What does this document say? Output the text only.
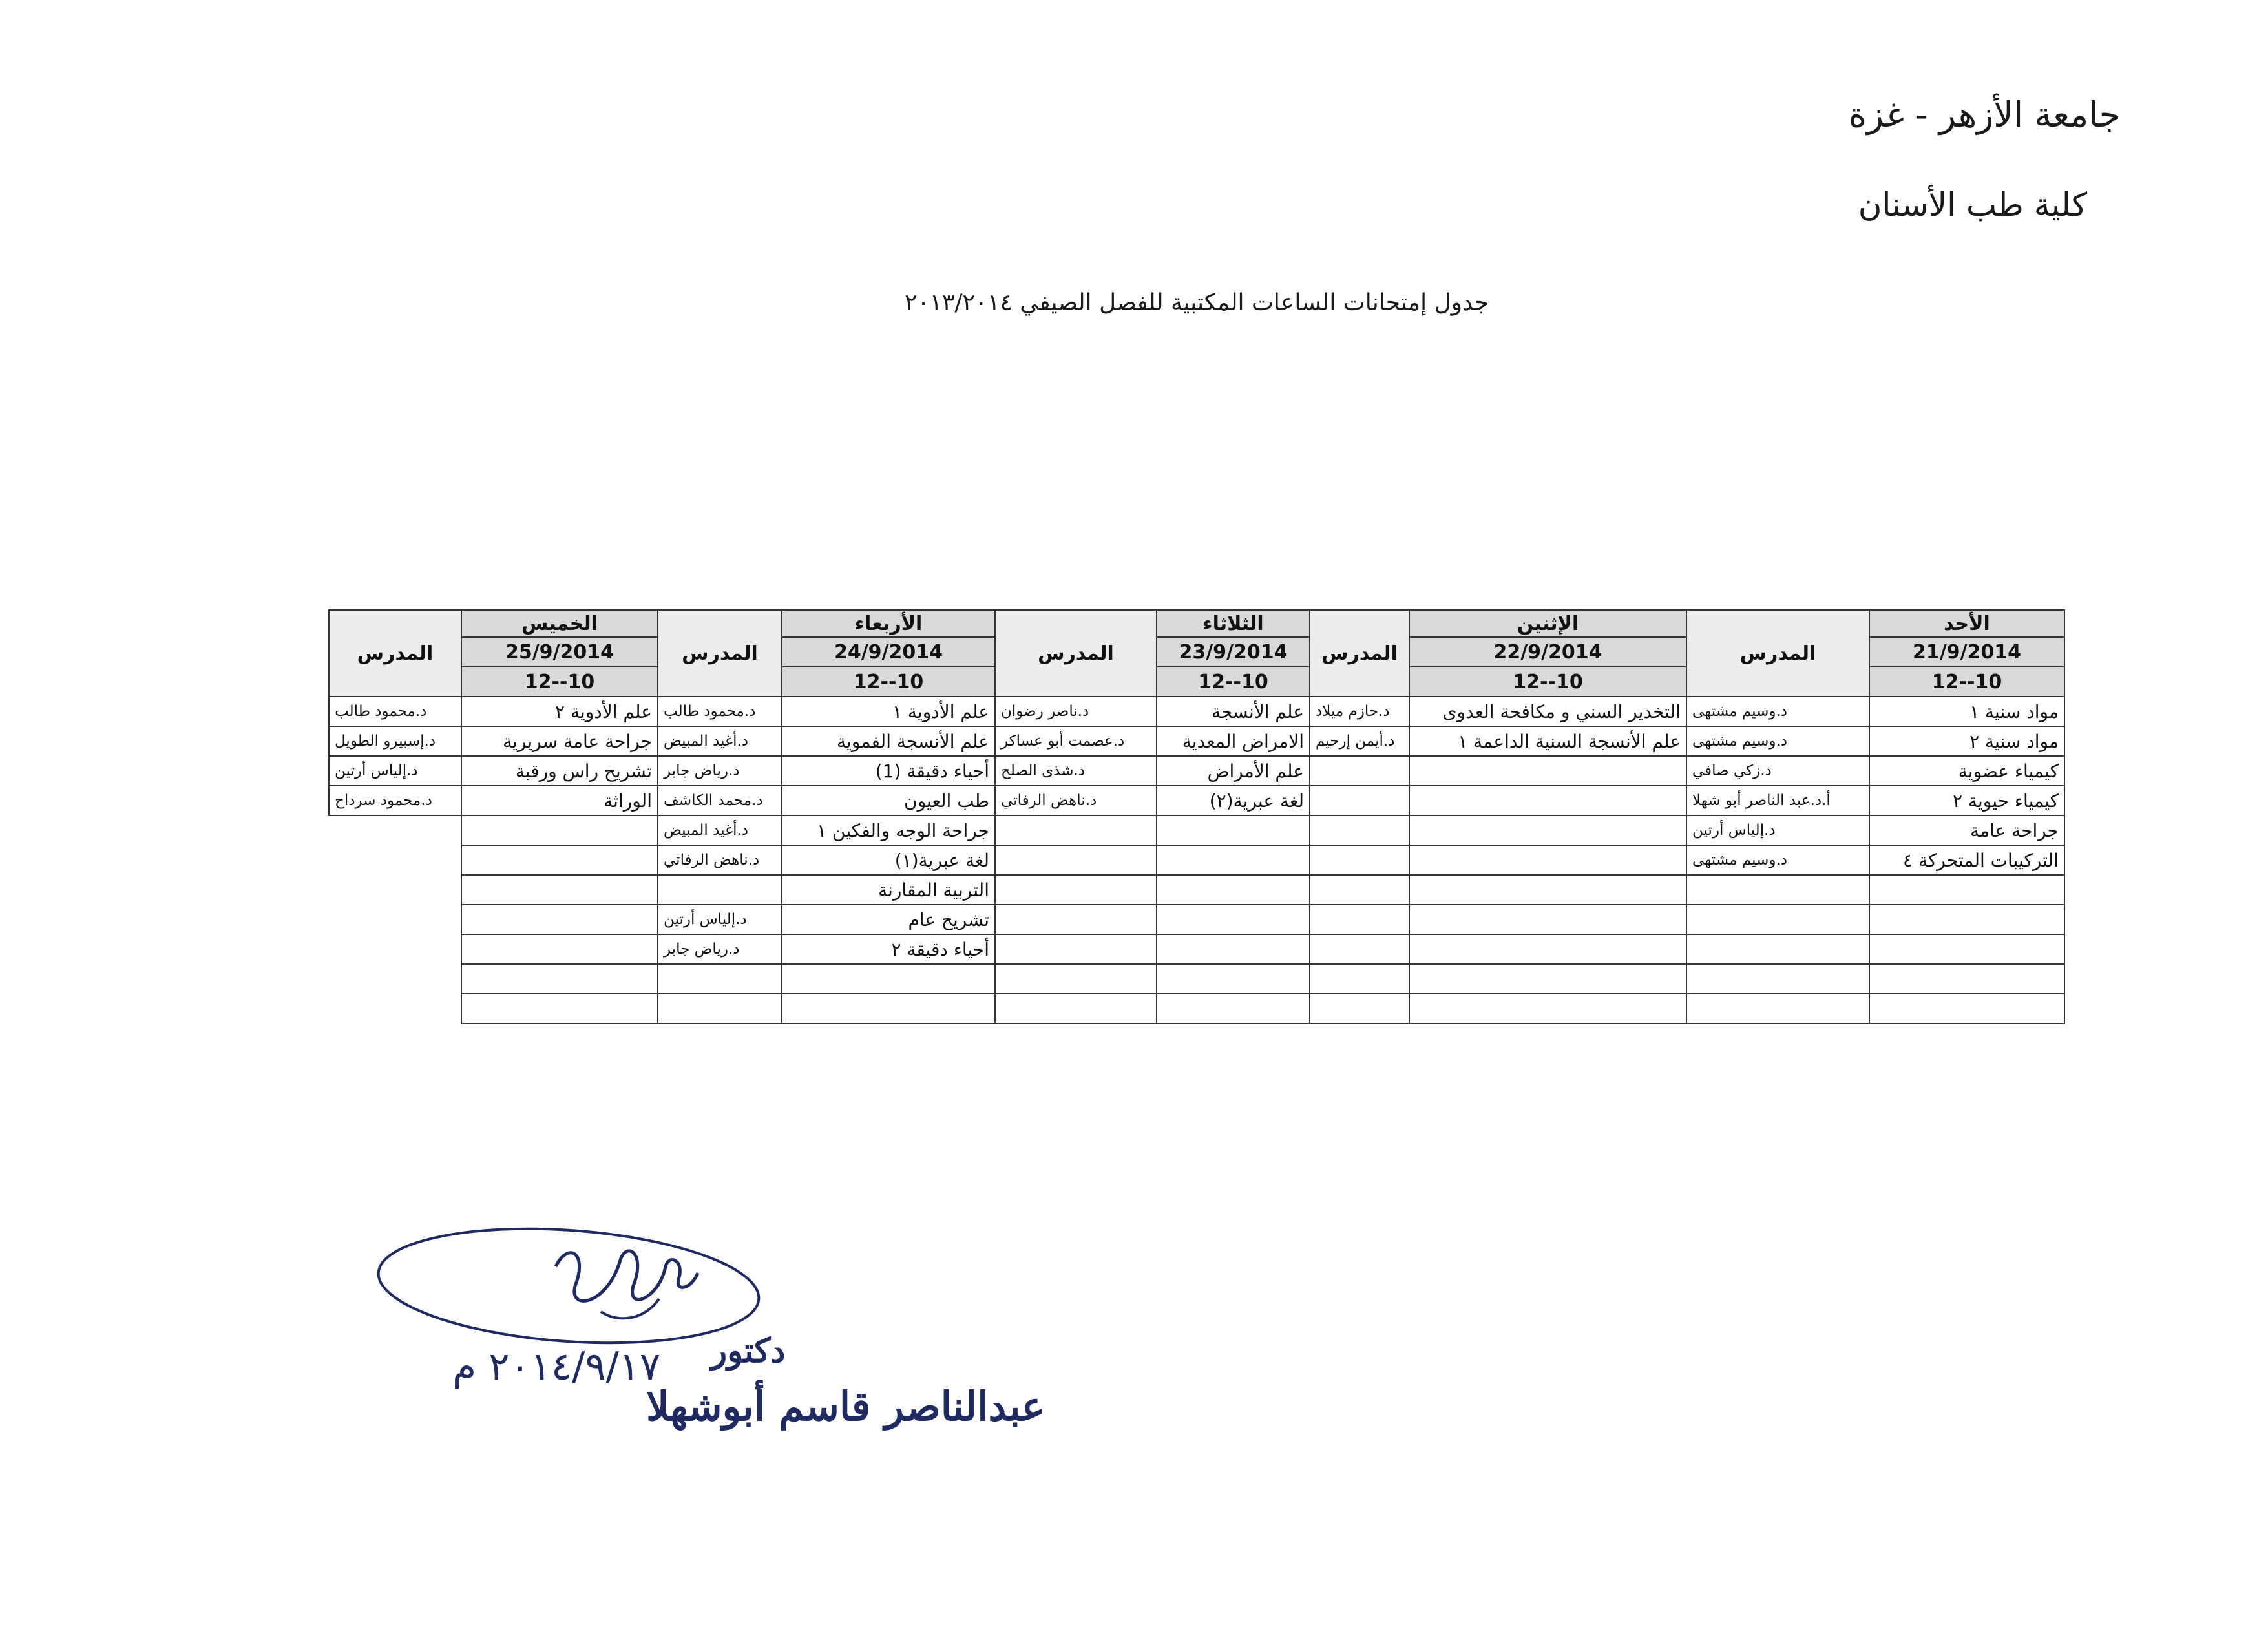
جامعة الأزهر - غزة
كلية طب الأسنان
جدول إمتحانات الساعات المكتبية للفصل الصيفي ٢٠١٣/٢٠١٤
الأحد	المدرس	الإثنين	المدرس	الثلاثاء	المدرس	الأربعاء	المدرس	الخميس	المدرس
21/9/2014		22/9/2014		23/9/2014		24/9/2014		25/9/2014	
10--12		10--12		10--12		10--12		10--12	
مواد سنية ١	د.وسيم مشتهى	التخدير السني و مكافحة العدوى	د.حازم ميلاد	علم الأنسجة	د.ناصر رضوان	علم الأدوية ١	د.محمود طالب	علم الأدوية ٢	د.محمود طالب
مواد سنية ٢	د.وسيم مشتهى	علم الأنسجة السنية الداعمة ١	د.أيمن إرحيم	الامراض المعدية	د.عصمت أبو عساكر	علم الأنسجة الفموية	د.أغيد المبيض	جراحة عامة سريرية	د.إسبيرو الطويل
كيمياء عضوية	د.زكي صافي			علم الأمراض	د.شذى الصلح	أحياء دقيقة (1)	د.رياض جابر	تشريح راس ورقبة	د.إلياس أرتين
كيمياء حيوية ٢	أ.د.عبد الناصر أبو شهلا			لغة عبرية(٢)	د.ناهض الرفاتي	طب العيون	د.محمد الكاشف	الوراثة	د.محمود سرداح
جراحة عامة	د.إلياس أرتين					جراحة الوجه والفكين ١	د.أغيد المبيض		
التركيبات المتحركة ٤	د.وسيم مشتهى					لغة عبرية(١)	د.ناهض الرفاتي		
						التربية المقارنة			
						تشريح عام	د.إلياس أرتين		
						أحياء دقيقة ٢	د.رياض جابر		

دكتور
عبدالناصر قاسم أبوشهلا
٢٠١٤/٩/١٧ م
